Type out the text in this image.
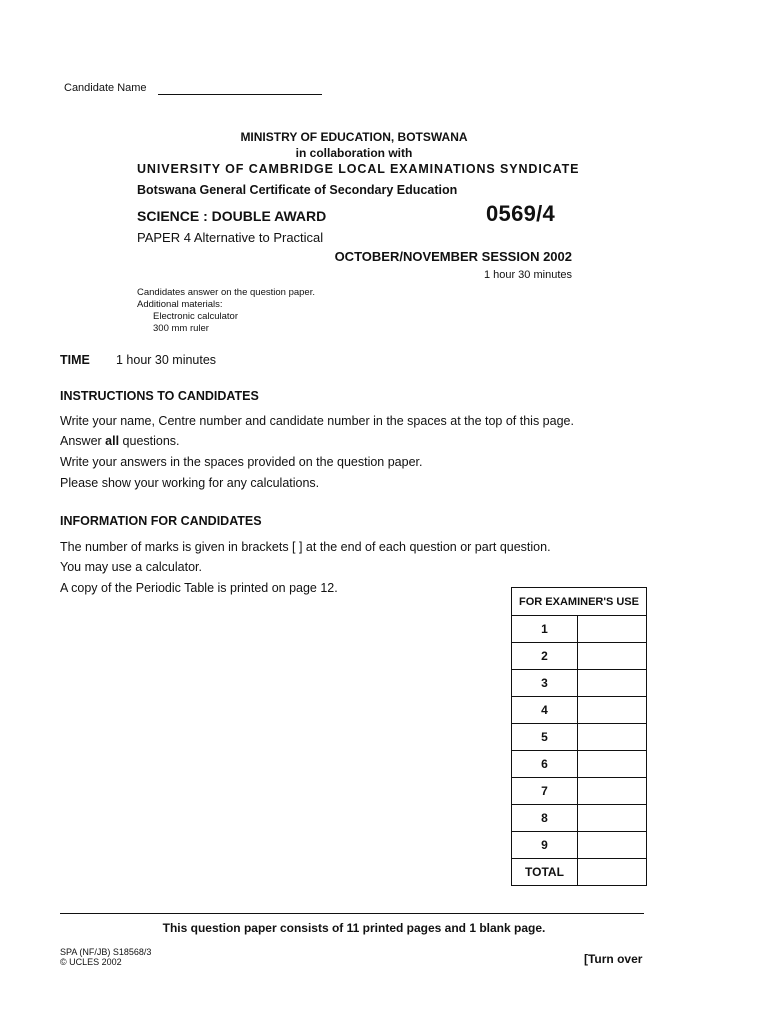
Candidate Name
MINISTRY OF EDUCATION, BOTSWANA
in collaboration with
UNIVERSITY OF CAMBRIDGE LOCAL EXAMINATIONS SYNDICATE
Botswana General Certificate of Secondary Education
SCIENCE : DOUBLE AWARD	0569/4
PAPER 4 Alternative to Practical
OCTOBER/NOVEMBER SESSION 2002
1 hour 30 minutes
Candidates answer on the question paper.
Additional materials:
Electronic calculator
300 mm ruler
TIME 1 hour 30 minutes
INSTRUCTIONS TO CANDIDATES
Write your name, Centre number and candidate number in the spaces at the top of this page.
Answer all questions.
Write your answers in the spaces provided on the question paper.
Please show your working for any calculations.
INFORMATION FOR CANDIDATES
The number of marks is given in brackets [ ] at the end of each question or part question.
You may use a calculator.
A copy of the Periodic Table is printed on page 12.
FOR EXAMINER'S USE	
1	
2	
3	
4	
5	
6	
7	
8	
9	
TOTAL	
This question paper consists of 11 printed pages and 1 blank page.
SPA (NF/JB) S18568/3
© UCLES 2002	[Turn over
